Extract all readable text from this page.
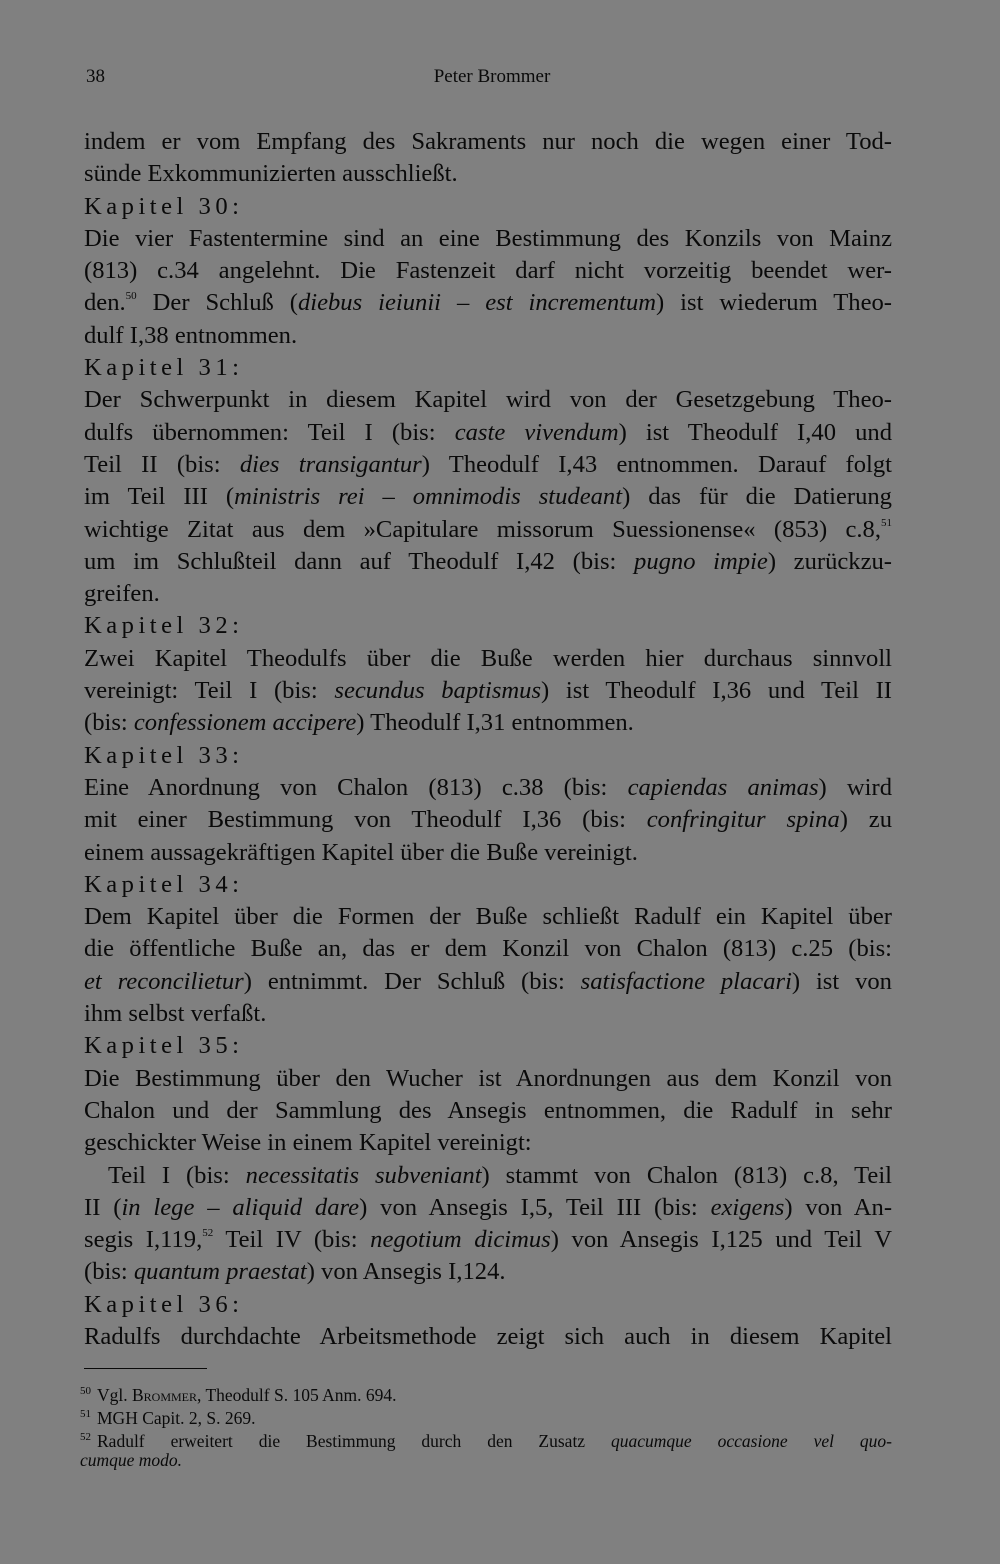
38	Peter Brommer
indem er vom Empfang des Sakraments nur noch die wegen einer Tod-
sünde Exkommunizierten ausschließt.
Kapitel 30:
Die vier Fastentermine sind an eine Bestimmung des Konzils von Mainz
(813) c.34 angelehnt. Die Fastenzeit darf nicht vorzeitig beendet wer-
den.$^{50}$ Der Schluß (diebus ieiunii – est incrementum) ist wiederum Theo-
dulf I,38 entnommen.
Kapitel 31:
Der Schwerpunkt in diesem Kapitel wird von der Gesetzgebung Theo-
dulfs übernommen: Teil I (bis: caste vivendum) ist Theodulf I,40 und
Teil II (bis: dies transigantur) Theodulf I,43 entnommen. Darauf folgt
im Teil III (ministris rei – omnimodis studeant) das für die Datierung
wichtige Zitat aus dem »Capitulare missorum Suessionense« (853) c.8,51
um im Schlußteil dann auf Theodulf I,42 (bis: pugno impie) zurückzu-
greifen.
Kapitel 32:
Zwei Kapitel Theodulfs über die Buße werden hier durchaus sinnvoll
vereinigt: Teil I (bis: secundus baptismus) ist Theodulf I,36 und Teil II
(bis: confessionem accipere) Theodulf I,31 entnommen.
Kapitel 33:
Eine Anordnung von Chalon (813) c.38 (bis: capiendas animas) wird
mit einer Bestimmung von Theodulf I,36 (bis: confringitur spina) zu
einem aussagekräftigen Kapitel über die Buße vereinigt.
Kapitel 34:
Dem Kapitel über die Formen der Buße schließt Radulf ein Kapitel über
die öffentliche Buße an, das er dem Konzil von Chalon (813) c.25 (bis:
et reconcilietur) entnimmt. Der Schluß (bis: satisfactione placari) ist von
ihm selbst verfaßt.
Kapitel 35:
Die Bestimmung über den Wucher ist Anordnungen aus dem Konzil von
Chalon und der Sammlung des Ansegis entnommen, die Radulf in sehr
geschickter Weise in einem Kapitel vereinigt:
Teil I (bis: necessitatis subveniant) stammt von Chalon (813) c.8, Teil
II (in lege – aliquid dare) von Ansegis I,5, Teil III (bis: exigens) von An-
segis I,119,52 Teil IV (bis: negotium dicimus) von Ansegis I,125 und Teil V
(bis: quantum praestat) von Ansegis I,124.
Kapitel 36:
Radulfs durchdachte Arbeitsmethode zeigt sich auch in diesem Kapitel
$^{50}$ Vgl. Brommer, Theodulf S. 105 Anm. 694.
$^{51}$ MGH Capit. 2, S. 269.
$^{52}$ Radulf erweitert die Bestimmung durch den Zusatz quacumque occasione vel quo-
cumque modo.
